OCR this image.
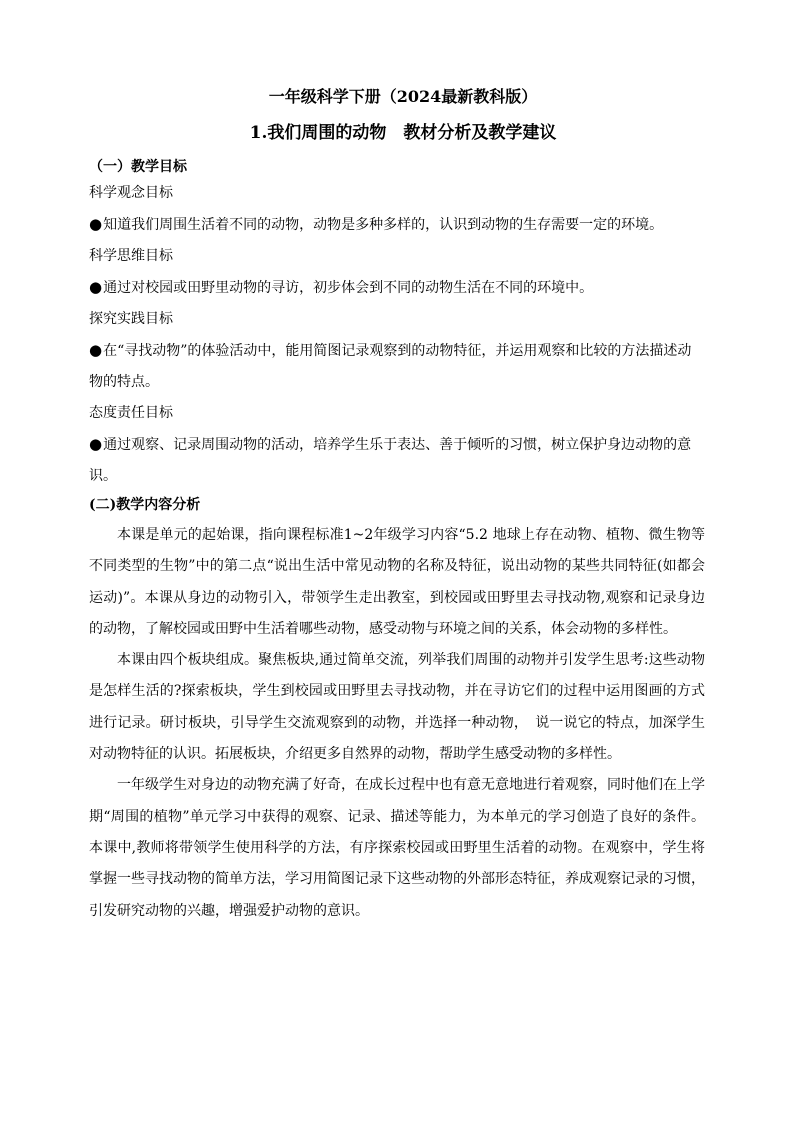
一年级科学下册（2024最新教科版）
1.我们周围的动物　教材分析及教学建议
（一）教学目标
科学观念目标

●知道我们周围生活着不同的动物，动物是多种多样的，认识到动物的生存需要一定的环境。

科学思维目标

●通过对校园或田野里动物的寻访，初步体会到不同的动物生活在不同的环境中。

探究实践目标

●在“寻找动物”的体验活动中，能用简图记录观察到的动物特征，并运用观察和比较的方法描述动物的特点。

态度责任目标

●通过观察、记录周围动物的活动，培养学生乐于表达、善于倾听的习惯，树立保护身边动物的意识。

(二)教学内容分析

本课是单元的起始课，指向课程标准1~2年级学习内容“5.2 地球上存在动物、植物、微生物等不同类型的生物”中的第二点“说出生活中常见动物的名称及特征，说出动物的某些共同特征(如都会运动)”。本课从身边的动物引入，带领学生走出教室，到校园或田野里去寻找动物,观察和记录身边的动物，了解校园或田野中生活着哪些动物，感受动物与环境之间的关系，体会动物的多样性。

本课由四个板块组成。聚焦板块,通过简单交流，列举我们周围的动物并引发学生思考:这些动物是怎样生活的?探索板块，学生到校园或田野里去寻找动物，并在寻访它们的过程中运用图画的方式进行记录。研讨板块，引导学生交流观察到的动物，并选择一种动物，　说一说它的特点，加深学生对动物特征的认识。拓展板块，介绍更多自然界的动物，帮助学生感受动物的多样性。

一年级学生对身边的动物充满了好奇，在成长过程中也有意无意地进行着观察，同时他们在上学期“周围的植物”单元学习中获得的观察、记录、描述等能力，为本单元的学习创造了良好的条件。本课中,教师将带领学生使用科学的方法，有序探索校园或田野里生活着的动物。在观察中，学生将掌握一些寻找动物的简单方法，学习用简图记录下这些动物的外部形态特征，养成观察记录的习惯，引发研究动物的兴趣，增强爱护动物的意识。
